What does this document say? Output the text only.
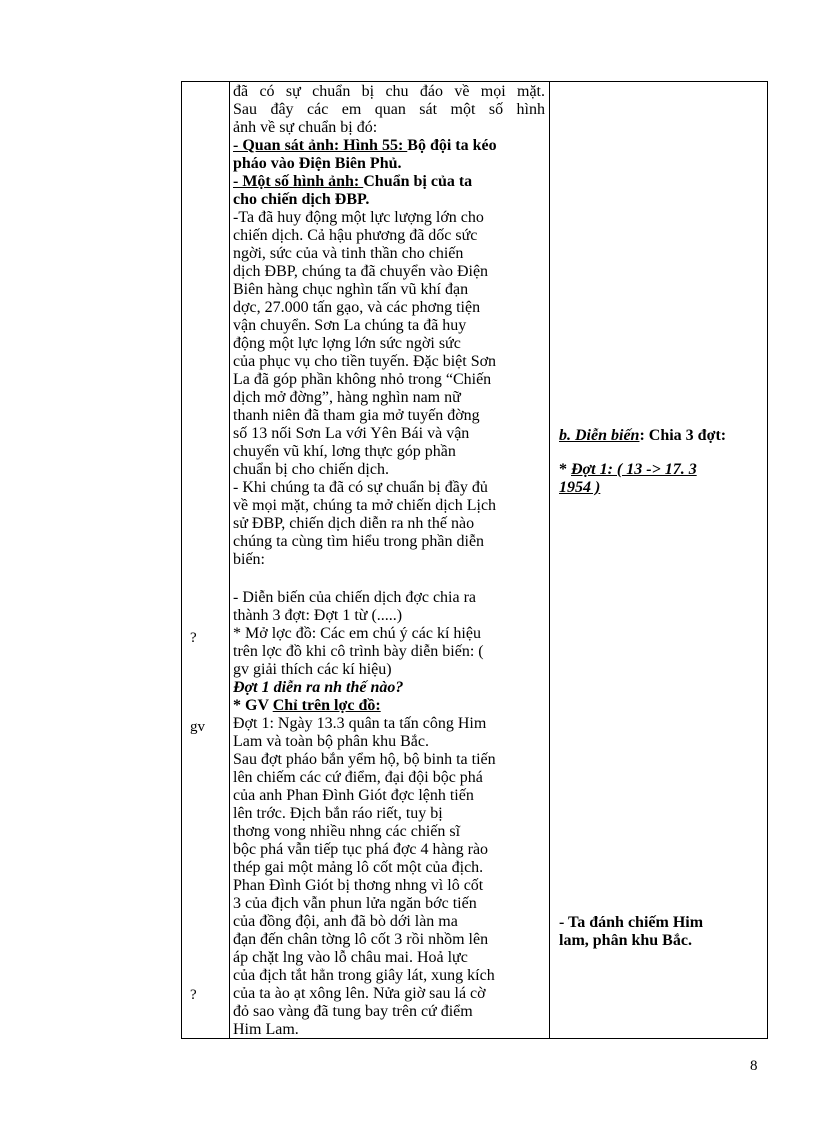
?
gv
?
đã có sự chuẩn bị chu đáo về mọi mặt.
Sau đây các em quan sát một số hình
ảnh về sự chuẩn bị đó:
- Quan sát ảnh: Hình 55: Bộ đội ta kéo
pháo vào Điện Biên Phủ.
- Một số hình ảnh: Chuẩn bị của ta
cho chiến dịch ĐBP.
-Ta đã huy động một lực lượng lớn cho
chiến dịch. Cả hậu phương đã dốc sức
ngời, sức của và tinh thần cho chiến
dịch ĐBP, chúng ta đã chuyển vào Điện
Biên hàng chục nghìn tấn vũ khí đạn
dợc, 27.000 tấn gạo, và các phơng tiện
vận chuyển. Sơn La chúng ta đã huy
động một lực lợng lớn sức ngời sức
của phục vụ cho tiền tuyến. Đặc biệt Sơn
La đã góp phần không nhỏ trong “Chiến
dịch mở đờng”, hàng nghìn nam nữ
thanh niên đã tham gia mở tuyến đờng
số 13 nối Sơn La với Yên Bái và vận
chuyển vũ khí, lơng thực góp phần
chuẩn bị cho chiến dịch.
- Khi chúng ta đã có sự chuẩn bị đầy đủ
về mọi mặt, chúng ta mở chiến dịch Lịch
sử ĐBP, chiến dịch diễn ra nh thế nào
chúng ta cùng tìm hiểu trong phần diễn
biến:
- Diễn biến của chiến dịch đợc chia ra
thành 3 đợt: Đợt 1 từ (.....)
* Mở lợc đồ: Các em chú ý các kí hiệu
trên lợc đồ khi cô trình bày diễn biến: (
gv giải thích các kí hiệu)
Đợt 1 diễn ra nh thế nào?
* GV Chỉ trên lợc đồ:
Đợt 1: Ngày 13.3 quân ta tấn công Him
Lam và toàn bộ phân khu Bắc.
Sau đợt pháo bắn yểm hộ, bộ binh ta tiến
lên chiếm các cứ điểm, đại đội bộc phá
của anh Phan Đình Giót đợc lệnh tiến
lên trớc. Địch bắn ráo riết, tuy bị
thơng vong nhiều nhng các chiến sĩ
bộc phá vẫn tiếp tục phá đợc 4 hàng rào
thép gai một mảng lô cốt một của địch.
Phan Đình Giót bị thơng nhng vì lô cốt
3 của địch vẫn phun lửa ngăn bớc tiến
của đồng đội, anh đã bò dới làn ma
đạn đến chân tờng lô cốt 3 rồi nhồm lên
áp chặt lng vào lỗ châu mai. Hoả lực
của địch tắt hẳn trong giây lát, xung kích
của ta ào ạt xông lên. Nửa giờ sau lá cờ
đỏ sao vàng đã tung bay trên cứ điểm
Him Lam.
b. Diễn biến: Chia 3 đợt:
* Đợt 1: ( 13 -> 17. 3
1954 )
- Ta đánh chiếm Him
lam, phân khu Bắc.
8
